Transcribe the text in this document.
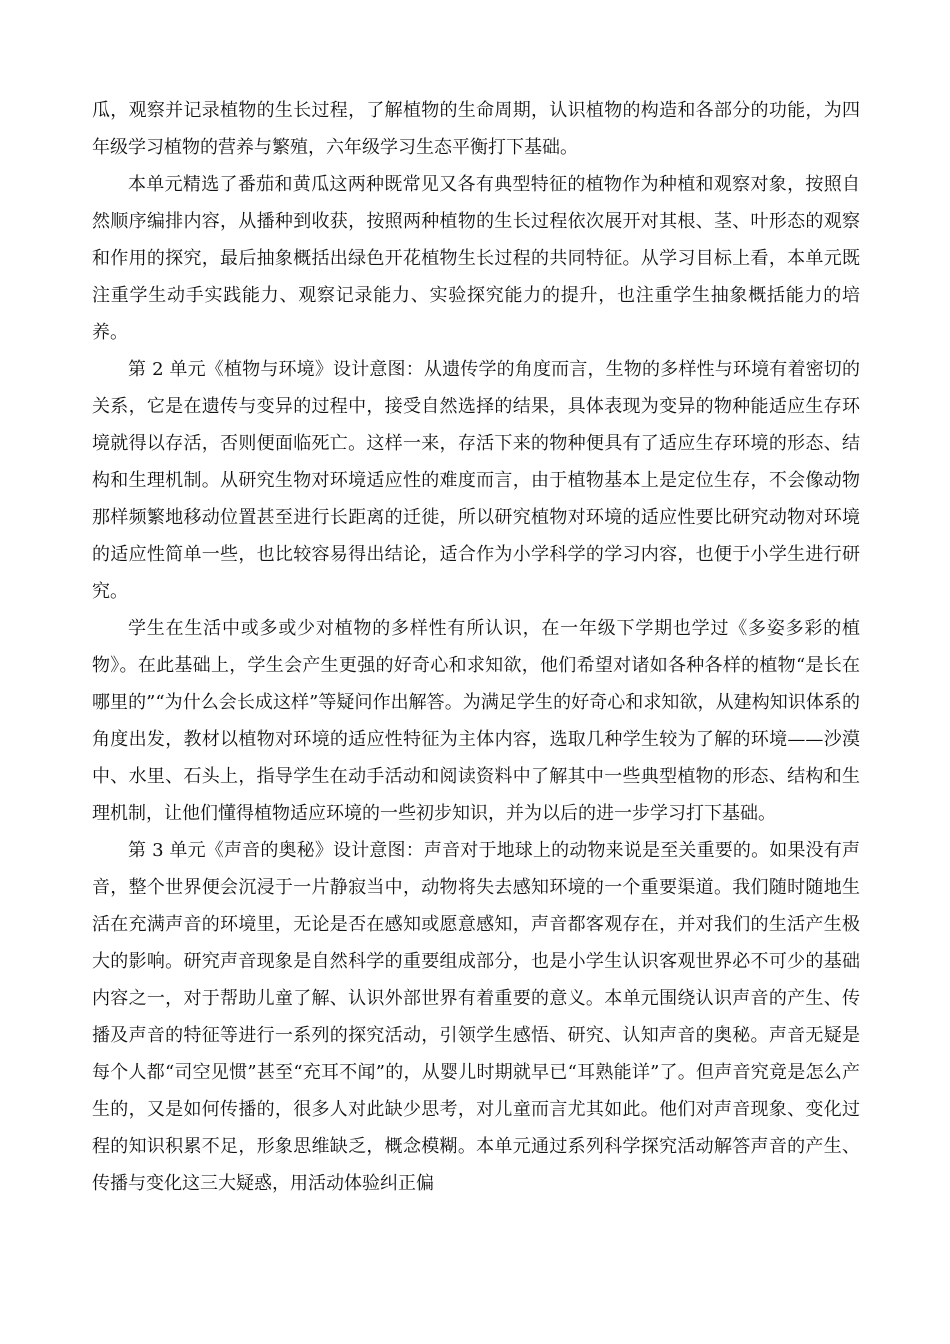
瓜，观察并记录植物的生长过程，了解植物的生命周期，认识植物的构造和各部分的功能，为四年级学习植物的营养与繁殖，六年级学习生态平衡打下基础。

本单元精选了番茄和黄瓜这两种既常见又各有典型特征的植物作为种植和观察对象，按照自然顺序编排内容，从播种到收获，按照两种植物的生长过程依次展开对其根、茎、叶形态的观察和作用的探究，最后抽象概括出绿色开花植物生长过程的共同特征。从学习目标上看，本单元既注重学生动手实践能力、观察记录能力、实验探究能力的提升，也注重学生抽象概括能力的培养。

第 2 单元《植物与环境》设计意图：从遗传学的角度而言，生物的多样性与环境有着密切的关系，它是在遗传与变异的过程中，接受自然选择的结果，具体表现为变异的物种能适应生存环境就得以存活，否则便面临死亡。这样一来，存活下来的物种便具有了适应生存环境的形态、结构和生理机制。从研究生物对环境适应性的难度而言，由于植物基本上是定位生存，不会像动物那样频繁地移动位置甚至进行长距离的迁徙，所以研究植物对环境的适应性要比研究动物对环境的适应性简单一些，也比较容易得出结论，适合作为小学科学的学习内容，也便于小学生进行研究。

学生在生活中或多或少对植物的多样性有所认识，在一年级下学期也学过《多姿多彩的植物》。在此基础上，学生会产生更强的好奇心和求知欲，他们希望对诸如各种各样的植物“是长在哪里的”“为什么会长成这样”等疑问作出解答。为满足学生的好奇心和求知欲，从建构知识体系的角度出发，教材以植物对环境的适应性特征为主体内容，选取几种学生较为了解的环境——沙漠中、水里、石头上，指导学生在动手活动和阅读资料中了解其中一些典型植物的形态、结构和生理机制，让他们懂得植物适应环境的一些初步知识，并为以后的进一步学习打下基础。

第 3 单元《声音的奥秘》设计意图：声音对于地球上的动物来说是至关重要的。如果没有声音，整个世界便会沉浸于一片静寂当中，动物将失去感知环境的一个重要渠道。我们随时随地生活在充满声音的环境里，无论是否在感知或愿意感知，声音都客观存在，并对我们的生活产生极大的影响。研究声音现象是自然科学的重要组成部分，也是小学生认识客观世界必不可少的基础内容之一，对于帮助儿童了解、认识外部世界有着重要的意义。本单元围绕认识声音的产生、传播及声音的特征等进行一系列的探究活动，引领学生感悟、研究、认知声音的奥秘。声音无疑是每个人都“司空见惯”甚至“充耳不闻”的，从婴儿时期就早已“耳熟能详”了。但声音究竟是怎么产生的，又是如何传播的，很多人对此缺少思考，对儿童而言尤其如此。他们对声音现象、变化过程的知识积累不足，形象思维缺乏，概念模糊。本单元通过系列科学探究活动解答声音的产生、传播与变化这三大疑惑，用活动体验纠正偏
